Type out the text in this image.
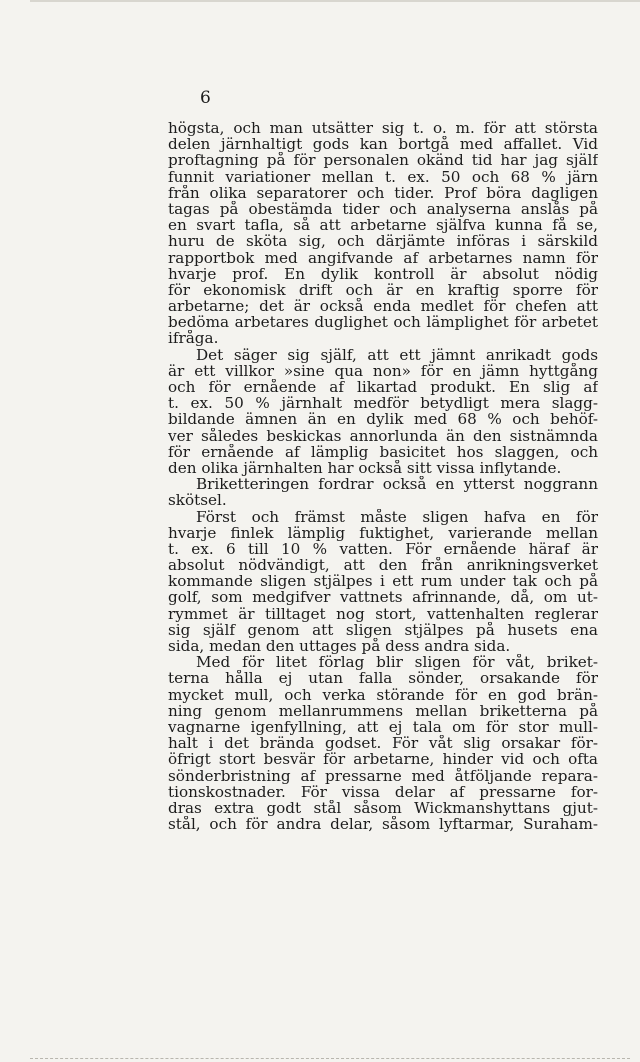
6
högsta, och man utsätter sig t. o. m. för att största
delen järnhaltigt gods kan bortgå med affallet. Vid
proftagning på för personalen okänd tid har jag själf
funnit variationer mellan t. ex. 50 och 68 % järn
från olika separatorer och tider. Prof böra dagligen
tagas på obestämda tider och analyserna anslås på
en svart tafla, så att arbetarne själfva kunna få se,
huru de sköta sig, och därjämte införas i särskild
rapportbok med angifvande af arbetarnes namn för
hvarje prof. En dylik kontroll är absolut nödig
för ekonomisk drift och är en kraftig sporre för
arbetarne; det är också enda medlet för chefen att
bedöma arbetares duglighet och lämplighet för arbetet
ifråga.
Det säger sig själf, att ett jämnt anrikadt gods
är ett villkor »sine qua non» för en jämn hyttgång
och för ernående af likartad produkt. En slig af
t. ex. 50 % järnhalt medför betydligt mera slagg-
bildande ämnen än en dylik med 68 % och behöf-
ver således beskickas annorlunda än den sistnämnda
för ernående af lämplig basicitet hos slaggen, och
den olika järnhalten har också sitt vissa inflytande.
Briketteringen fordrar också en ytterst noggrann
skötsel.
Först och främst måste sligen hafva en för
hvarje finlek lämplig fuktighet, varierande mellan
t. ex. 6 till 10 % vatten. För ernående häraf är
absolut nödvändigt, att den från anrikningsverket
kommande sligen stjälpes i ett rum under tak och på
golf, som medgifver vattnets afrinnande, då, om ut-
rymmet är tilltaget nog stort, vattenhalten reglerar
sig själf genom att sligen stjälpes på husets ena
sida, medan den uttages på dess andra sida.
Med för litet förlag blir sligen för våt, briket-
terna hålla ej utan falla sönder, orsakande för
mycket mull, och verka störande för en god brän-
ning genom mellanrummens mellan briketterna på
vagnarne igenfyllning, att ej tala om för stor mull-
halt i det brända godset. För våt slig orsakar för-
öfrigt stort besvär för arbetarne, hinder vid och ofta
sönderbristning af pressarne med åtföljande repara-
tionskostnader. För vissa delar af pressarne for-
dras extra godt stål såsom Wickmanshyttans gjut-
stål, och för andra delar, såsom lyftarmar, Suraham-
